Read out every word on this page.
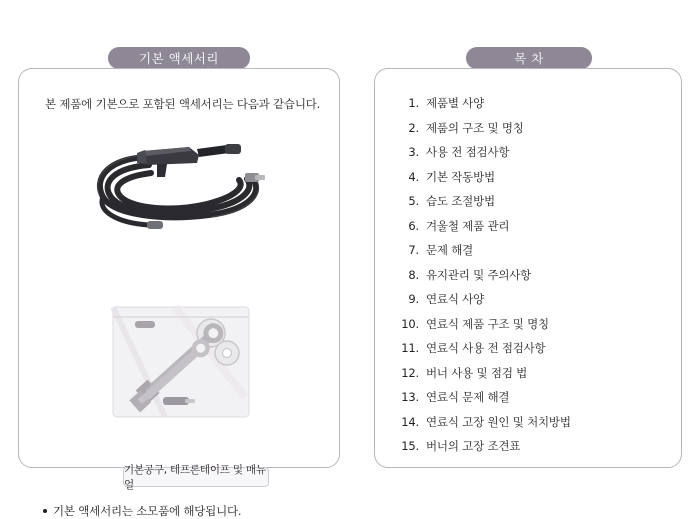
기본 액세서리	목 차
본 제품에 기본으로 포함된 액세서리는 다음과 같습니다.
기본공구, 테프론테이프 및 매뉴얼
기본 액세서리는 소모품에 해당됩니다.
1. 제품별 사양
2. 제품의 구조 및 명칭
3. 사용 전 점검사항
4. 기본 작동방법
5. 습도 조절방법
6. 겨울철 제품 관리
7. 문제 해결
8. 유지관리 및 주의사항
9. 연료식 사양
10. 연료식 제품 구조 및 명칭
11. 연료식 사용 전 점검사항
12. 버너 사용 및 점검 법
13. 연료식 문제 해결
14. 연료식 고장 원인 및 처치방법
15. 버너의 고장 조견표
